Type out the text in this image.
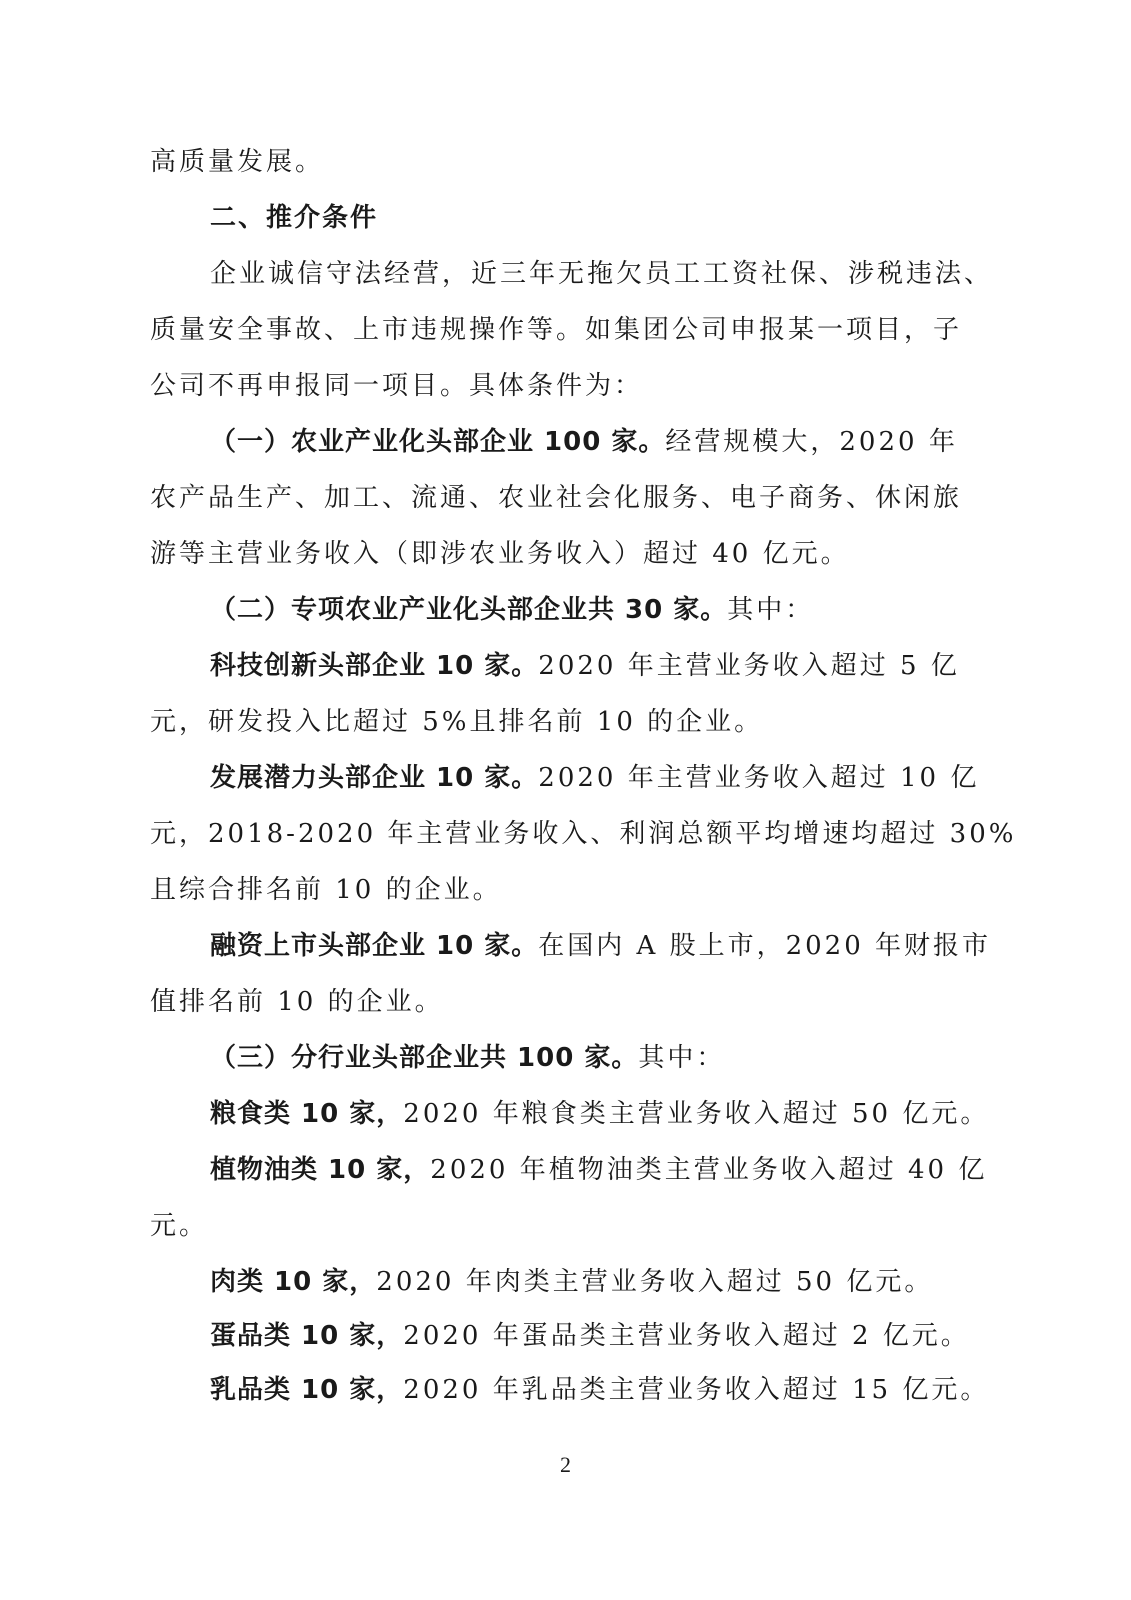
高质量发展。
二、推介条件
企业诚信守法经营，近三年无拖欠员工工资社保、涉税违法、
质量安全事故、上市违规操作等。如集团公司申报某一项目，子
公司不再申报同一项目。具体条件为：
（一）农业产业化头部企业 100 家。经营规模大，2020 年
农产品生产、加工、流通、农业社会化服务、电子商务、休闲旅
游等主营业务收入（即涉农业务收入）超过 40 亿元。
（二）专项农业产业化头部企业共 30 家。其中：
科技创新头部企业 10 家。2020 年主营业务收入超过 5 亿
元，研发投入比超过 5%且排名前 10 的企业。
发展潜力头部企业 10 家。2020 年主营业务收入超过 10 亿
元，2018-2020 年主营业务收入、利润总额平均增速均超过 30%
且综合排名前 10 的企业。
融资上市头部企业 10 家。在国内 A 股上市，2020 年财报市
值排名前 10 的企业。
（三）分行业头部企业共 100 家。其中：
粮食类 10 家，2020 年粮食类主营业务收入超过 50 亿元。
植物油类 10 家，2020 年植物油类主营业务收入超过 40 亿
元。
肉类 10 家，2020 年肉类主营业务收入超过 50 亿元。
蛋品类 10 家，2020 年蛋品类主营业务收入超过 2 亿元。
乳品类 10 家，2020 年乳品类主营业务收入超过 15 亿元。
2
